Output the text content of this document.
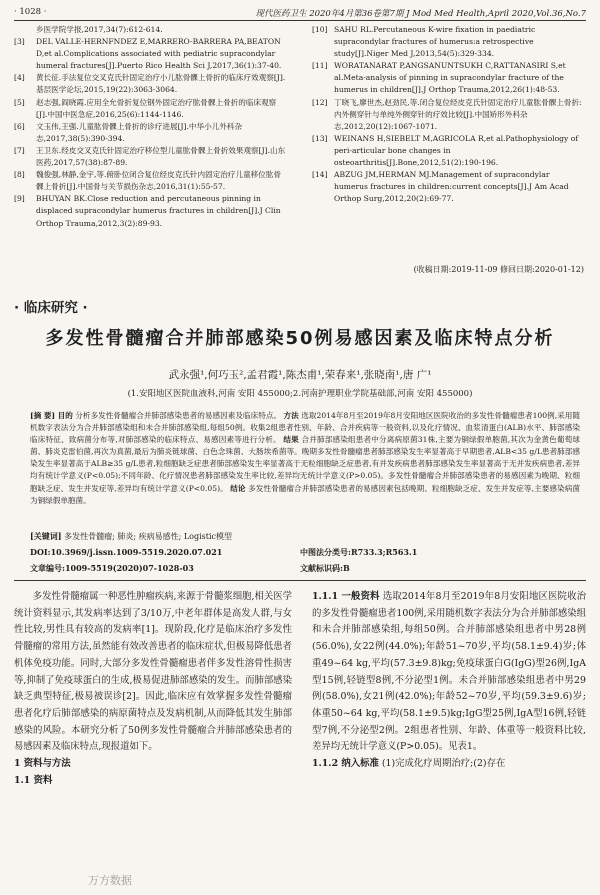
· 1028 ·	现代医药卫生 2020年4月第36卷第7期 J Mod Med Health,April 2020,Vol.36,No.7
乡医学院学报,2017,34(7):612-614.
[3]	DEL VALLE-HERNFNDEZ E,MARRERO-BARRERA PA,BEATON D,et al.Complications associated with pediatric supracondylar humeral fractures[J].Puerto Rico Health Sci J,2017,36(1):37-40.
[4]	黄长征.手法复位交叉克氏针固定治疗小儿肱骨髁上骨折的临床疗效观察[J].基层医学论坛,2015,19(22):3063-3064.
[5]	赵志强,阎晓霞.应用全允骨折复位钢外固定治疗肱骨髁上骨折的临床观察[J].中国中医急症,2016,25(6):1144-1146.
[6]	文玉伟,王强.儿童肱骨髁上骨折的诊疗进展[J].中华小儿外科杂志,2017,38(5):390-394.
[7]	王卫东.经皮交叉克氏针固定治疗移位型儿童肱骨髁上骨折效果观察[J].山东医药,2017,57(38):87-89.
[8]	魏俊强,林静,金宇,等.俯卧位闭合复位经皮克氏针内固定治疗儿童移位肱骨髁上骨折[J].中国骨与关节损伤杂志,2016,31(1):55-57.
[9]	BHUYAN BK.Close reduction and percutaneous pinning in displaced supracondylar humerus fractures in children[J].J Clin Orthop Trauma,2012,3(2):89-93.
[10] SAHU RL.Percutaneous K-wire fixation in paediatric supracondylar fractures of humerus:a retrospective study[J].Niger Med J,2013,54(5):329-334.
[11] WORATANARAT P,ANGSANUNTSUKH C,RATTANASIRI S,et al.Meta-analysis of pinning in supracondylar fracture of the humerus in children[J].J Orthop Trauma,2012,26(1):48-53.
[12] 丁晓飞,廖世杰,赵劲民,等.闭合复位经皮克氏针固定治疗儿童肱骨髁上骨折:内外侧穿针与单纯外侧穿针的疗效比较[J].中国矫形外科杂志,2012,20(12):1067-1071.
[13] WEINANS H,SIEBELT M,AGRICOLA R,et al.Pathophysiology of peri-articular bone changes in osteoarthritis[J].Bone,2012,51(2):190-196.
[14] ABZUG JM,HERMAN MJ.Management of supracondylar humerus fractures in children:current concepts[J].J Am Acad Orthop Surg,2012,20(2):69-77.
(收稿日期:2019-11-09 修回日期:2020-01-12)
· 临床研究 ·
多发性骨髓瘤合并肺部感染50例易感因素及临床特点分析
武永强¹,何巧玉²,孟君霞¹,陈杰甫¹,荣春来¹,张晓南¹,唐 广¹
(1.安阳地区医院血液科,河南 安阳 455000;2.河南护理职业学院基础部,河南 安阳 455000)
[摘 要] 目的 分析多发性骨髓瘤合并肺部感染患者的易感因素及临床特点。 方法 选取2014年8月至2019年8月安阳地区医院收治的多发性骨髓瘤患者100例,采用随机数字表法分为合并肺部感染组和未合并肺部感染组,每组50例。收集2组患者性别、年龄、合并疾病等一般资料,以及化疗情况、血浆清蛋白(ALB)水平、肺部感染临床特征、致病菌分布等,对肺部感染的临床特点、易感因素等进行分析。 结果 合并肺部感染组患者中分离病原菌31株,主要为铜绿假单胞菌,其次为金黄色葡萄球菌、肺炎克雷伯菌,再次为真菌,最后为肺炎链球菌、白色念珠菌、大肠埃希菌等。晚期多发性骨髓瘤患者肺部感染发生率显著高于早期患者,ALB<35 g/L患者肺部感染发生率显著高于ALB≥35 g/L患者,粒细胞缺乏症患者肺部感染发生率显著高于无粒细胞缺乏症患者,有并发疾病患者肺部感染发生率显著高于无并发疾病患者,差异均有统计学意义(P<0.05);不同年龄、化疗情况患者肺部感染发生率比较,差异均无统计学意义(P>0.05)。多发性骨髓瘤合并肺部感染患者的易感因素为晚期、粒细胞缺乏症、发生并发症等,差异均有统计学意义(P<0.05)。 结论 多发性骨髓瘤合并肺部感染患者的易感因素包括晚期、粒细胞缺乏症、发生并发症等,主要感染病菌为铜绿假单胞菌。
[关键词] 多发性骨髓瘤; 肺炎; 疾病易感性; Logistic模型
DOI:10.3969/j.issn.1009-5519.2020.07.021	中图法分类号:R733.3;R563.1
文章编号:1009-5519(2020)07-1028-03	文献标识码:B
多发性骨髓瘤属一种恶性肿瘤疾病,来源于骨髓浆细胞,相关医学统计资料显示,其发病率达到了3/10万,中老年群体是高发人群,与女性比较,男性具有较高的发病率[1]。现阶段,化疗是临床治疗多发性骨髓瘤的常用方法,虽然能有效改善患者的临床症状,但极易降低患者机体免疫功能。同时,大部分多发性骨髓瘤患者伴多发性溶骨性损害等,抑制了免疫球蛋白的生成,极易促进肺部感染的发生。而肺部感染缺乏典型特征,极易被误诊[2]。因此,临床应有效掌握多发性骨髓瘤患者化疗后肺部感染的病原菌特点及发病机制,从而降低其发生肺部感染的风险。本研究分析了50例多发性骨髓瘤合并肺部感染患者的易感因素及临床特点,现报道如下。
1 资料与方法
1.1 资料
1.1.1 一般资料 选取2014年8月至2019年8月安阳地区医院收治的多发性骨髓瘤患者100例,采用随机数字表法分为合并肺部感染组和未合并肺部感染组,每组50例。合并肺部感染组患者中男28例(56.0%),女22例(44.0%);年龄51~70岁,平均(58.1±9.4)岁;体重49~64 kg,平均(57.3±9.8)kg;免疫球蛋白G(IgG)型26例,IgA型15例,轻链型8例,不分泌型1例。未合并肺部感染组患者中男29例(58.0%),女21例(42.0%);年龄52~70岁,平均(59.3±9.6)岁;体重50~64 kg,平均(58.1±9.5)kg;IgG型25例,IgA型16例,轻链型7例,不分泌型2例。2组患者性别、年龄、体重等一般资料比较,差异均无统计学意义(P>0.05)。见表1。
1.1.2 纳入标准 (1)完成化疗周期治疗;(2)存在
万方数据
